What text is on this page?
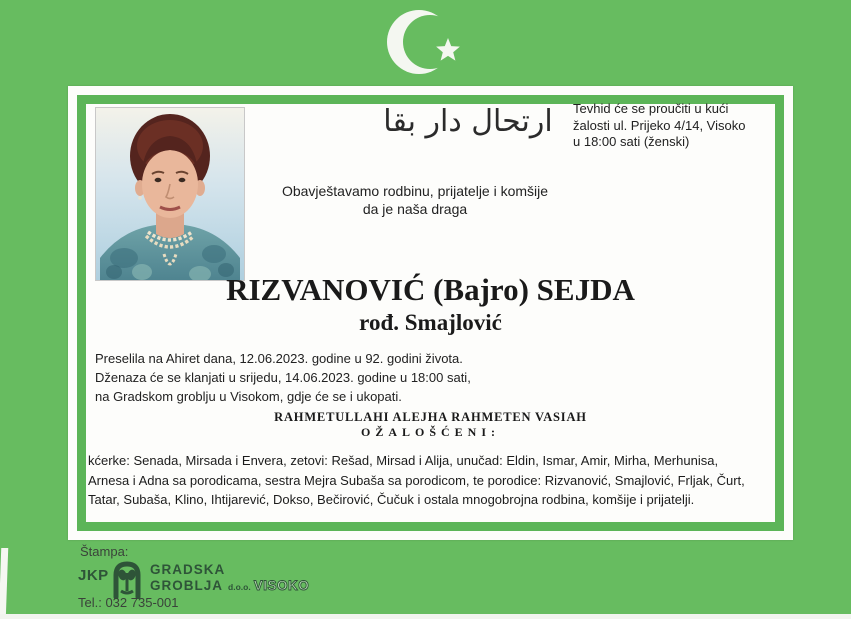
ارتحال دار بقا	Tevhid će se proučiti u kući
žalosti ul. Prijeko 4/14, Visoko
u 18:00 sati (ženski)
Obavještavamo rodbinu, prijatelje i komšije
da je naša draga
RIZVANOVIĆ (Bajro) SEJDA
rođ. Smajlović
Preselila na Ahiret dana, 12.06.2023. godine u 92. godini života.
Dženaza će se klanjati u srijedu, 14.06.2023. godine u 18:00 sati,
na Gradskom groblju u Visokom, gdje će se i ukopati.
RAHMETULLAHI ALEJHA RAHMETEN VASIAH
OŽALOŠĆENI:
kćerke: Senada, Mirsada i Envera, zetovi: Rešad, Mirsad i Alija, unučad: Eldin, Ismar, Amir, Mirha, Merhunisa,
Arnesa i Adna sa porodicama, sestra Mejra Subaša sa porodicom, te porodice: Rizvanović, Smajlović, Frljak, Čurt,
Tatar, Subaša, Klino, Ihtijarević, Dokso, Bečirović, Čučuk i ostala mnogobrojna rodbina, komšije i prijatelji.
Štampa:
JKP	GRADSKA
GROBLJA d.o.o. VISOKO
Tel.: 032 735-001
